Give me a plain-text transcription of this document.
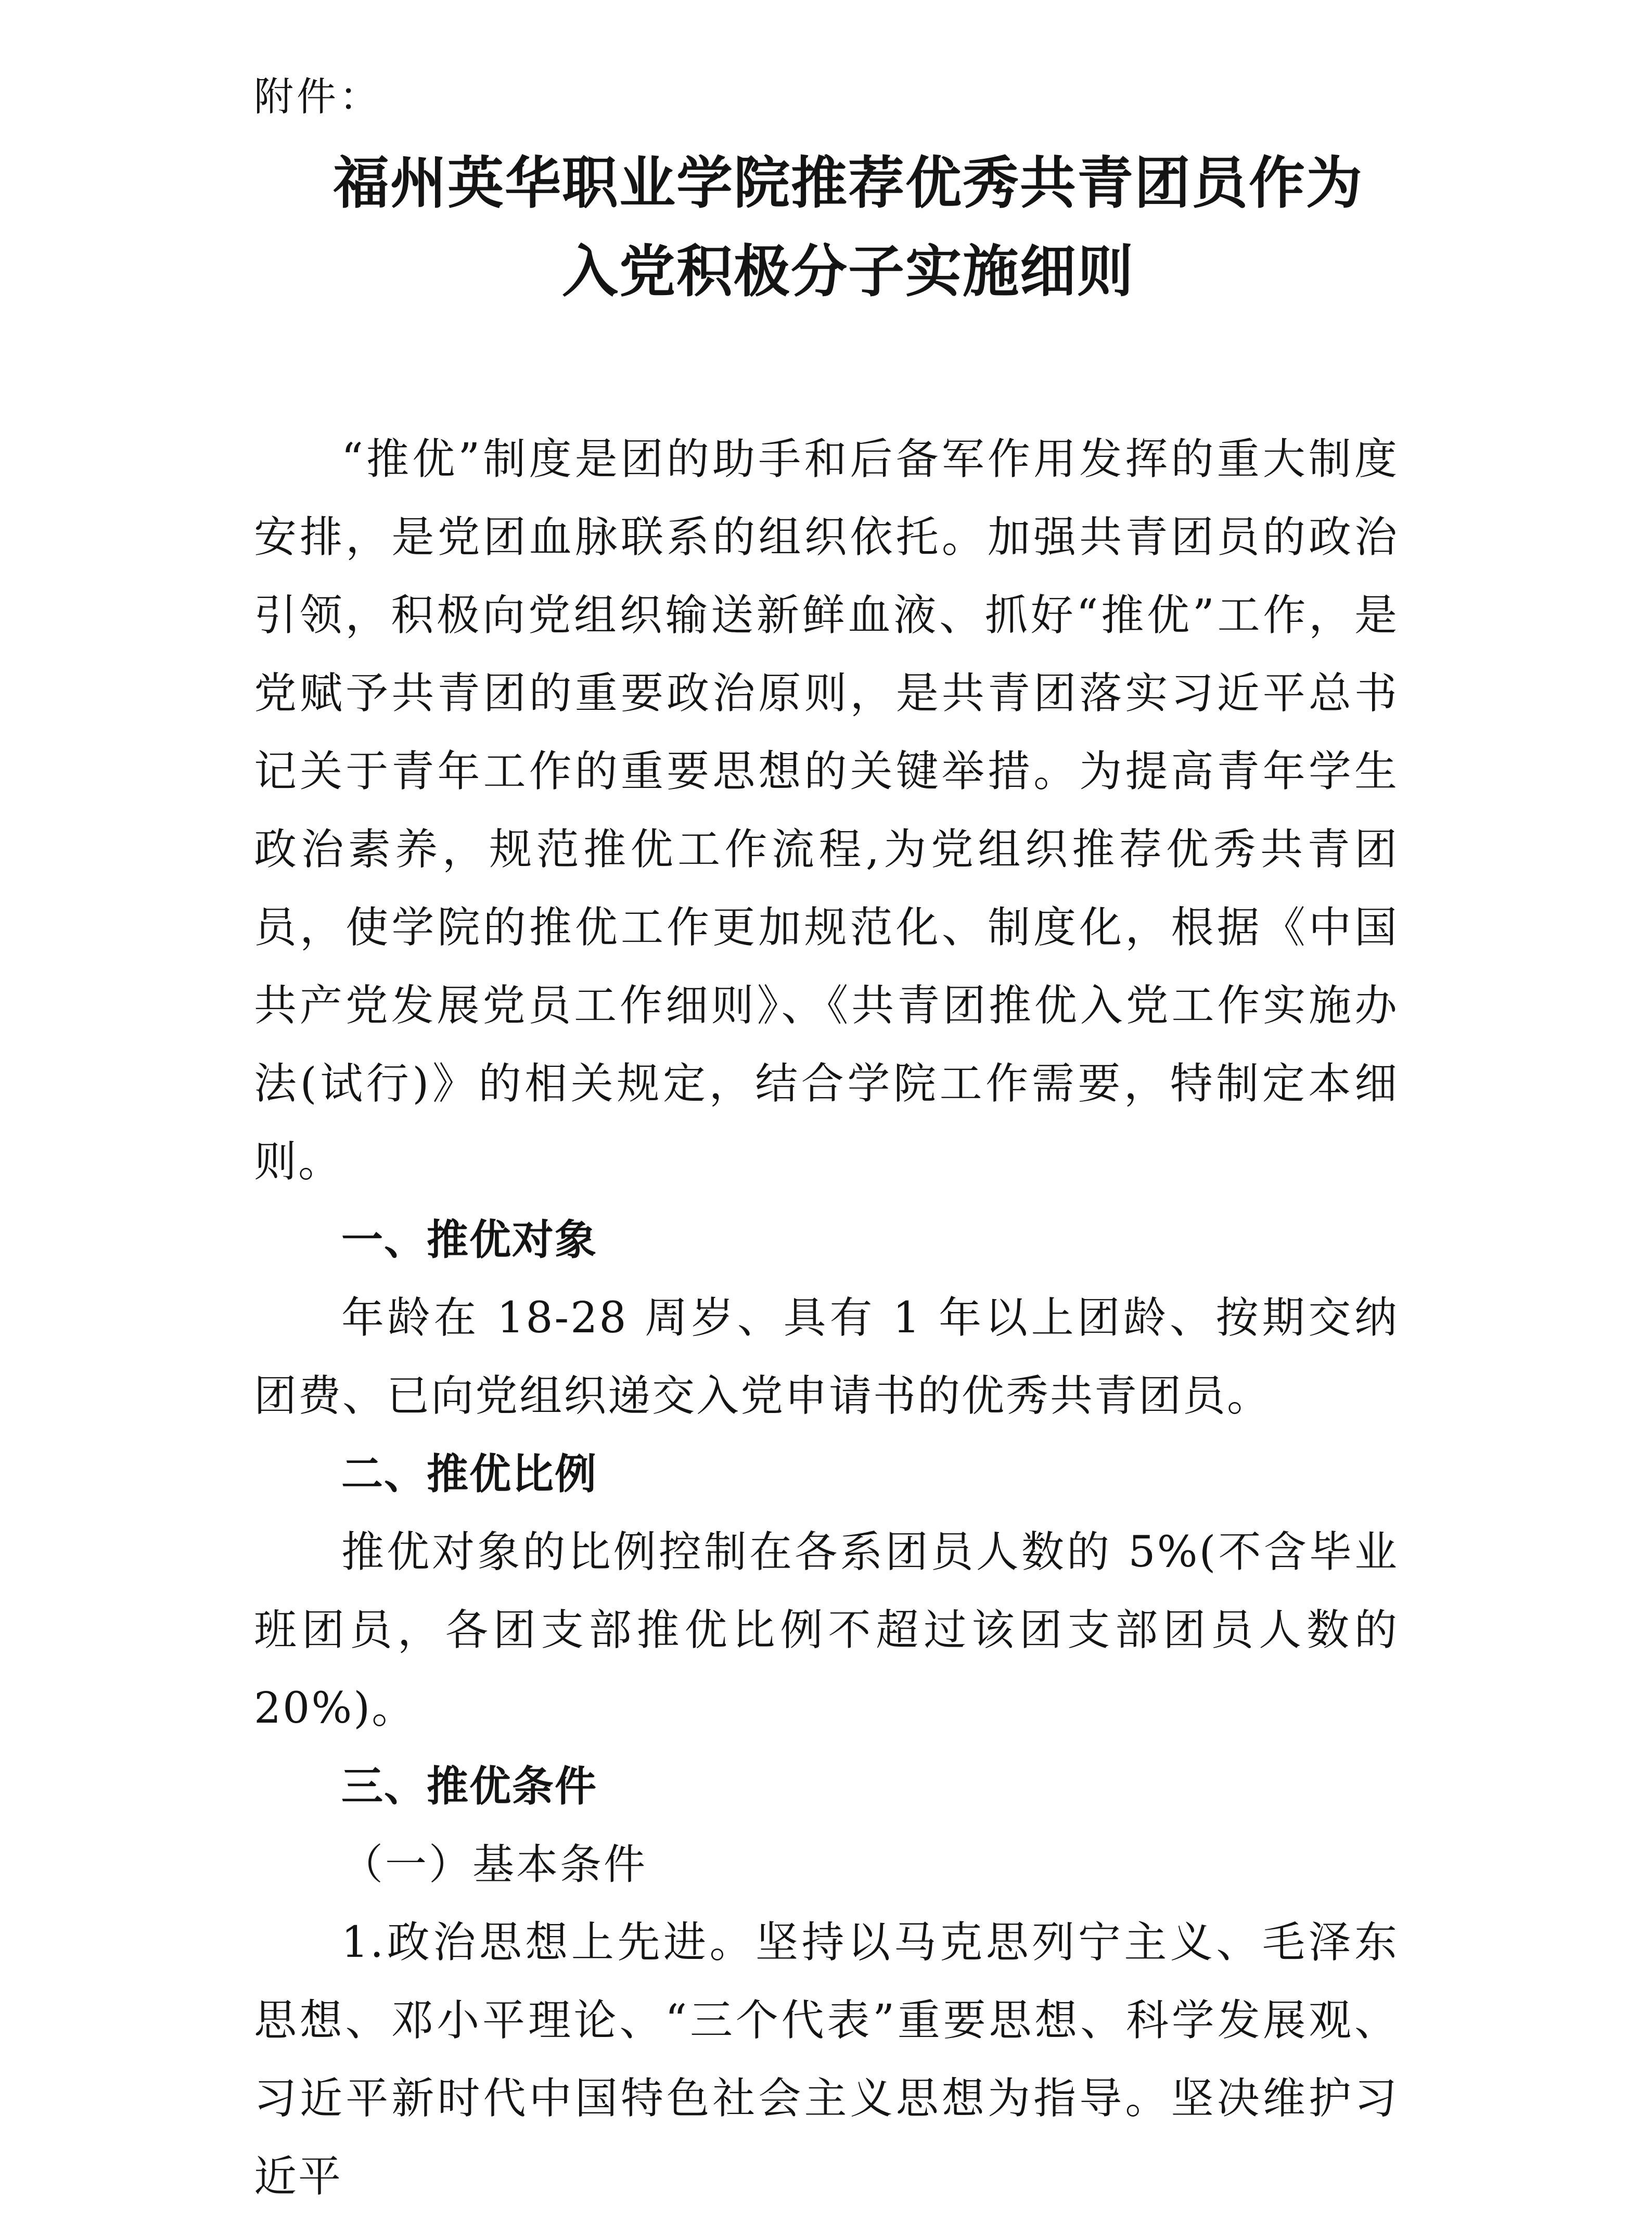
附件：
福州英华职业学院推荐优秀共青团员作为
入党积极分子实施细则

“推优”制度是团的助手和后备军作用发挥的重大制度安排，是党团血脉联系的组织依托。加强共青团员的政治引领，积极向党组织输送新鲜血液、抓好“推优”工作，是党赋予共青团的重要政治原则，是共青团落实习近平总书记关于青年工作的重要思想的关键举措。为提高青年学生政治素养，规范推优工作流程,为党组织推荐优秀共青团员，使学院的推优工作更加规范化、制度化，根据《中国共产党发展党员工作细则》、《共青团推优入党工作实施办法(试行)》的相关规定，结合学院工作需要，特制定本细则。

一、推优对象

年龄在 18-28 周岁、具有 1 年以上团龄、按期交纳团费、已向党组织递交入党申请书的优秀共青团员。

二、推优比例

推优对象的比例控制在各系团员人数的 5%(不含毕业班团员，各团支部推优比例不超过该团支部团员人数的 20%)。

三、推优条件

（一）基本条件

1.政治思想上先进。坚持以马克思列宁主义、毛泽东思想、邓小平理论、“三个代表”重要思想、科学发展观、习近平新时代中国特色社会主义思想为指导。坚决维护习近平
